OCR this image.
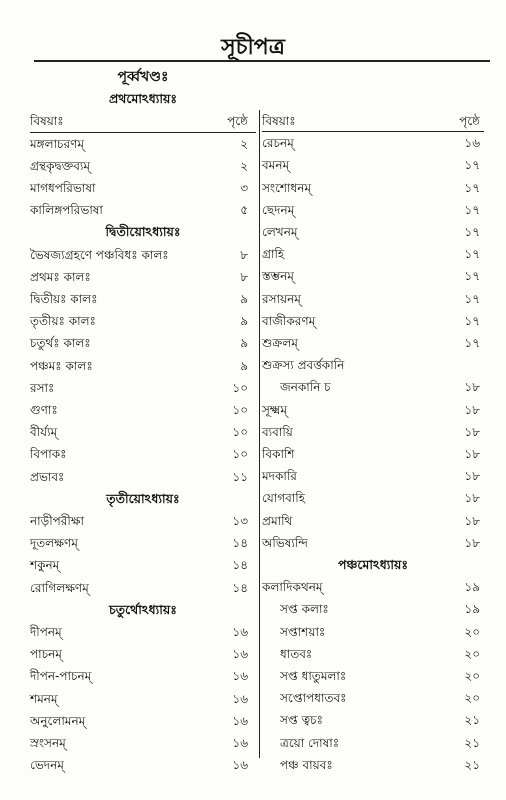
সূচীপত্র
পূর্ব্বখণ্ডঃ
প্রথমোঽধ্যায়ঃ
বিষয়াঃ	পৃষ্ঠে
মঙ্গলাচরণম্	২
গ্রন্থকৃদ্বক্তব্যম্	২
মাগধপরিভাষা	৩
কালিঙ্গপরিভাষা	৫
দ্বিতীয়োঽধ্যায়ঃ
ভৈষজ্যগ্রহণে পঞ্চবিধঃ কালঃ	৮
প্রথমঃ কালঃ	৮
দ্বিতীয়ঃ কালঃ	৯
তৃতীয়ঃ কালঃ	৯
চতুর্থঃ কালঃ	৯
পঞ্চমঃ কালঃ	৯
রসাঃ	১০
গুণাঃ	১০
বীর্য্যম্	১০
বিপাকঃ	১০
প্রভাবঃ	১১
তৃতীয়োঽধ্যায়ঃ
নাড়ীপরীক্ষা	১৩
দূতলক্ষণম্	১৪
শকুনম্	১৪
রোগিলক্ষণম্	১৪
চতুর্থোঽধ্যায়ঃ
দীপনম্	১৬
পাচনম্	১৬
দীপন-পাচনম্	১৬
শমনম্	১৬
অনুলোমনম্	১৬
স্রংসনম্	১৬
ভেদনম্	১৬
বিষয়াঃ	পৃষ্ঠে
রেচনম্	১৬
বমনম্	১৭
সংশোধনম্	১৭
ছেদনম্	১৭
লেখনম্	১৭
গ্রাহি	১৭
স্তম্ভনম্	১৭
রসায়নম্	১৭
বাজীকরণম্	১৭
শুক্রলম্	১৭
শুক্রস্য প্রবর্ত্তকানি
জনকানি চ	১৮
সূক্ষ্মম্	১৮
ব্যবায়ি	১৮
বিকাশি	১৮
মদকারি	১৮
যোগবাহি	১৮
প্রমাথি	১৮
অভিষ্যন্দি	১৮
পঞ্চমোঽধ্যায়ঃ
কলাদিকথনম্	১৯
সপ্ত কলাঃ	১৯
সপ্তাশয়াঃ	২০
ধাতবঃ	২০
সপ্ত ধাতুমলাঃ	২০
সপ্তোপধাতবঃ	২০
সপ্ত ত্বচঃ	২১
ত্রয়ো দোষাঃ	২১
পঞ্চ বায়বঃ	২১
